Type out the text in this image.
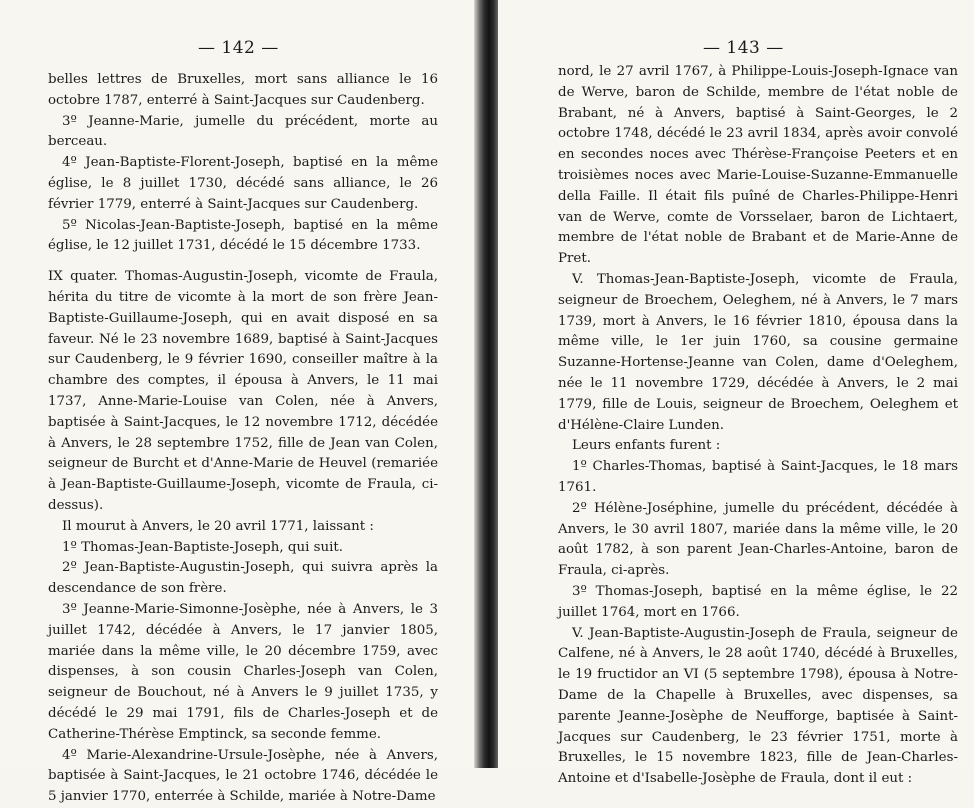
— 142 —

belles lettres de Bruxelles, mort sans alliance le 16 octobre 1787, enterré à Saint-Jacques sur Caudenberg.

3º Jeanne-Marie, jumelle du précédent, morte au berceau.

4º Jean-Baptiste-Florent-Joseph, baptisé en la même église, le 8 juillet 1730, décédé sans alliance, le 26 février 1779, enterré à Saint-Jacques sur Caudenberg.

5º Nicolas-Jean-Baptiste-Joseph, baptisé en la même église, le 12 juillet 1731, décédé le 15 décembre 1733.

IX quater. Thomas-Augustin-Joseph, vicomte de Fraula, hérita du titre de vicomte à la mort de son frère Jean-Baptiste-Guillaume-Joseph, qui en avait disposé en sa faveur. Né le 23 novembre 1689, baptisé à Saint-Jacques sur Caudenberg, le 9 février 1690, conseiller maître à la chambre des comptes, il épousa à Anvers, le 11 mai 1737, Anne-Marie-Louise van Colen, née à Anvers, baptisée à Saint-Jacques, le 12 novembre 1712, décédée à Anvers, le 28 septembre 1752, fille de Jean van Colen, seigneur de Burcht et d'Anne-Marie de Heuvel (remariée à Jean-Baptiste-Guillaume-Joseph, vicomte de Fraula, ci-dessus).

Il mourut à Anvers, le 20 avril 1771, laissant :

1º Thomas-Jean-Baptiste-Joseph, qui suit.

2º Jean-Baptiste-Augustin-Joseph, qui suivra après la descendance de son frère.

3º Jeanne-Marie-Simonne-Josèphe, née à Anvers, le 3 juillet 1742, décédée à Anvers, le 17 janvier 1805, mariée dans la même ville, le 20 décembre 1759, avec dispenses, à son cousin Charles-Joseph van Colen, seigneur de Bouchout, né à Anvers le 9 juillet 1735, y décédé le 29 mai 1791, fils de Charles-Joseph et de Catherine-Thérèse Emptinck, sa seconde femme.

4º Marie-Alexandrine-Ursule-Josèphe, née à Anvers, baptisée à Saint-Jacques, le 21 octobre 1746, décédée le 5 janvier 1770, enterrée à Schilde, mariée à Notre-Dame

— 143 —

nord, le 27 avril 1767, à Philippe-Louis-Joseph-Ignace van de Werve, baron de Schilde, membre de l'état noble de Brabant, né à Anvers, baptisé à Saint-Georges, le 2 octobre 1748, décédé le 23 avril 1834, après avoir convolé en secondes noces avec Thérèse-Françoise Peeters et en troisièmes noces avec Marie-Louise-Suzanne-Emmanuelle della Faille. Il était fils puîné de Charles-Philippe-Henri van de Werve, comte de Vorsselaer, baron de Lichtaert, membre de l'état noble de Brabant et de Marie-Anne de Pret.

V. Thomas-Jean-Baptiste-Joseph, vicomte de Fraula, seigneur de Broechem, Oeleghem, né à Anvers, le 7 mars 1739, mort à Anvers, le 16 février 1810, épousa dans la même ville, le 1er juin 1760, sa cousine germaine Suzanne-Hortense-Jeanne van Colen, dame d'Oeleghem, née le 11 novembre 1729, décédée à Anvers, le 2 mai 1779, fille de Louis, seigneur de Broechem, Oeleghem et d'Hélène-Claire Lunden.

Leurs enfants furent :

1º Charles-Thomas, baptisé à Saint-Jacques, le 18 mars 1761.

2º Hélène-Joséphine, jumelle du précédent, décédée à Anvers, le 30 avril 1807, mariée dans la même ville, le 20 août 1782, à son parent Jean-Charles-Antoine, baron de Fraula, ci-après.

3º Thomas-Joseph, baptisé en la même église, le 22 juillet 1764, mort en 1766.

V. Jean-Baptiste-Augustin-Joseph de Fraula, seigneur de Calfene, né à Anvers, le 28 août 1740, décédé à Bruxelles, le 19 fructidor an VI (5 septembre 1798), épousa à Notre-Dame de la Chapelle à Bruxelles, avec dispenses, sa parente Jeanne-Josèphe de Neufforge, baptisée à Saint-Jacques sur Caudenberg, le 23 février 1751, morte à Bruxelles, le 15 novembre 1823, fille de Jean-Charles-Antoine et d'Isabelle-Josèphe de Fraula, dont il eut :
